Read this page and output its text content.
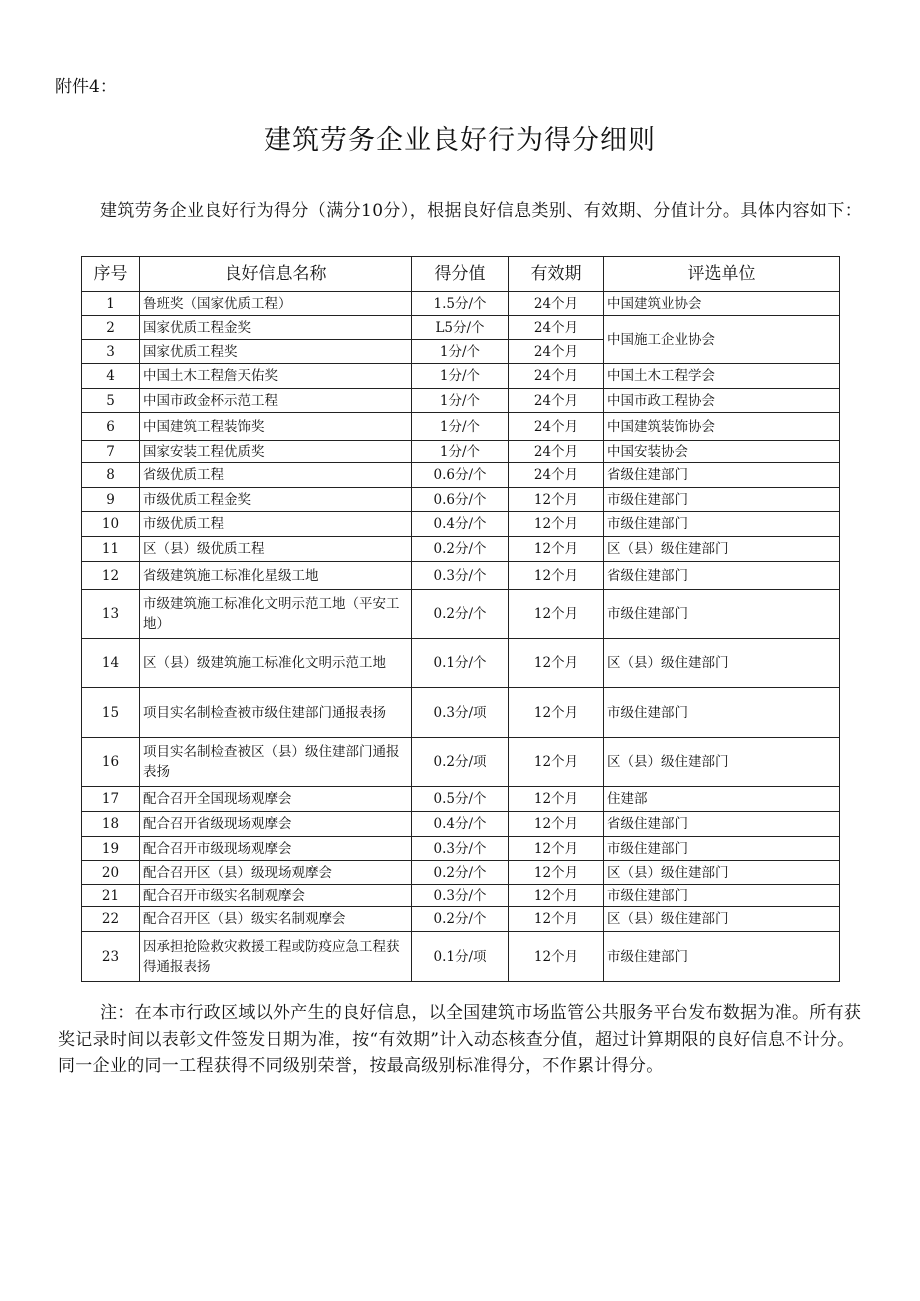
附件4：
建筑劳务企业良好行为得分细则
建筑劳务企业良好行为得分（满分10分），根据良好信息类别、有效期、分值计分。具体内容如下：
序号	良好信息名称	得分值	有效期	评选单位
1	鲁班奖（国家优质工程）	1.5分/个	24个月	中国建筑业协会
2	国家优质工程金奖	L5分/个	24个月	中国施工企业协会
3	国家优质工程奖	1分/个	24个月	
4	中国土木工程詹天佑奖	1分/个	24个月	中国土木工程学会
5	中国市政金杯示范工程	1分/个	24个月	中国市政工程协会
6	中国建筑工程装饰奖	1分/个	24个月	中国建筑装饰协会
7	国家安装工程优质奖	1分/个	24个月	中国安装协会
8	省级优质工程	0.6分/个	24个月	省级住建部门
9	市级优质工程金奖	0.6分/个	12个月	市级住建部门
10	市级优质工程	0.4分/个	12个月	市级住建部门
11	区（县）级优质工程	0.2分/个	12个月	区（县）级住建部门
12	省级建筑施工标准化星级工地	0.3分/个	12个月	省级住建部门
13	市级建筑施工标准化文明示范工地（平安工地）	0.2分/个	12个月	市级住建部门
14	区（县）级建筑施工标准化文明示范工地	0.1分/个	12个月	区（县）级住建部门
15	项目实名制检查被市级住建部门通报表扬	0.3分/项	12个月	市级住建部门
16	项目实名制检查被区（县）级住建部门通报表扬	0.2分/项	12个月	区（县）级住建部门
17	配合召开全国现场观摩会	0.5分/个	12个月	住建部
18	配合召开省级现场观摩会	0.4分/个	12个月	省级住建部门
19	配合召开市级现场观摩会	0.3分/个	12个月	市级住建部门
20	配合召开区（县）级现场观摩会	0.2分/个	12个月	区（县）级住建部门
21	配合召开市级实名制观摩会	0.3分/个	12个月	市级住建部门
22	配合召开区（县）级实名制观摩会	0.2分/个	12个月	区（县）级住建部门
23	因承担抢险救灾救援工程或防疫应急工程获得通报表扬	0.1分/项	12个月	市级住建部门
注：在本市行政区域以外产生的良好信息，以全国建筑市场监管公共服务平台发布数据为准。所有获奖记录时间以表彰文件签发日期为准，按“有效期”计入动态核查分值，超过计算期限的良好信息不计分。同一企业的同一工程获得不同级别荣誉，按最高级别标准得分，不作累计得分。
